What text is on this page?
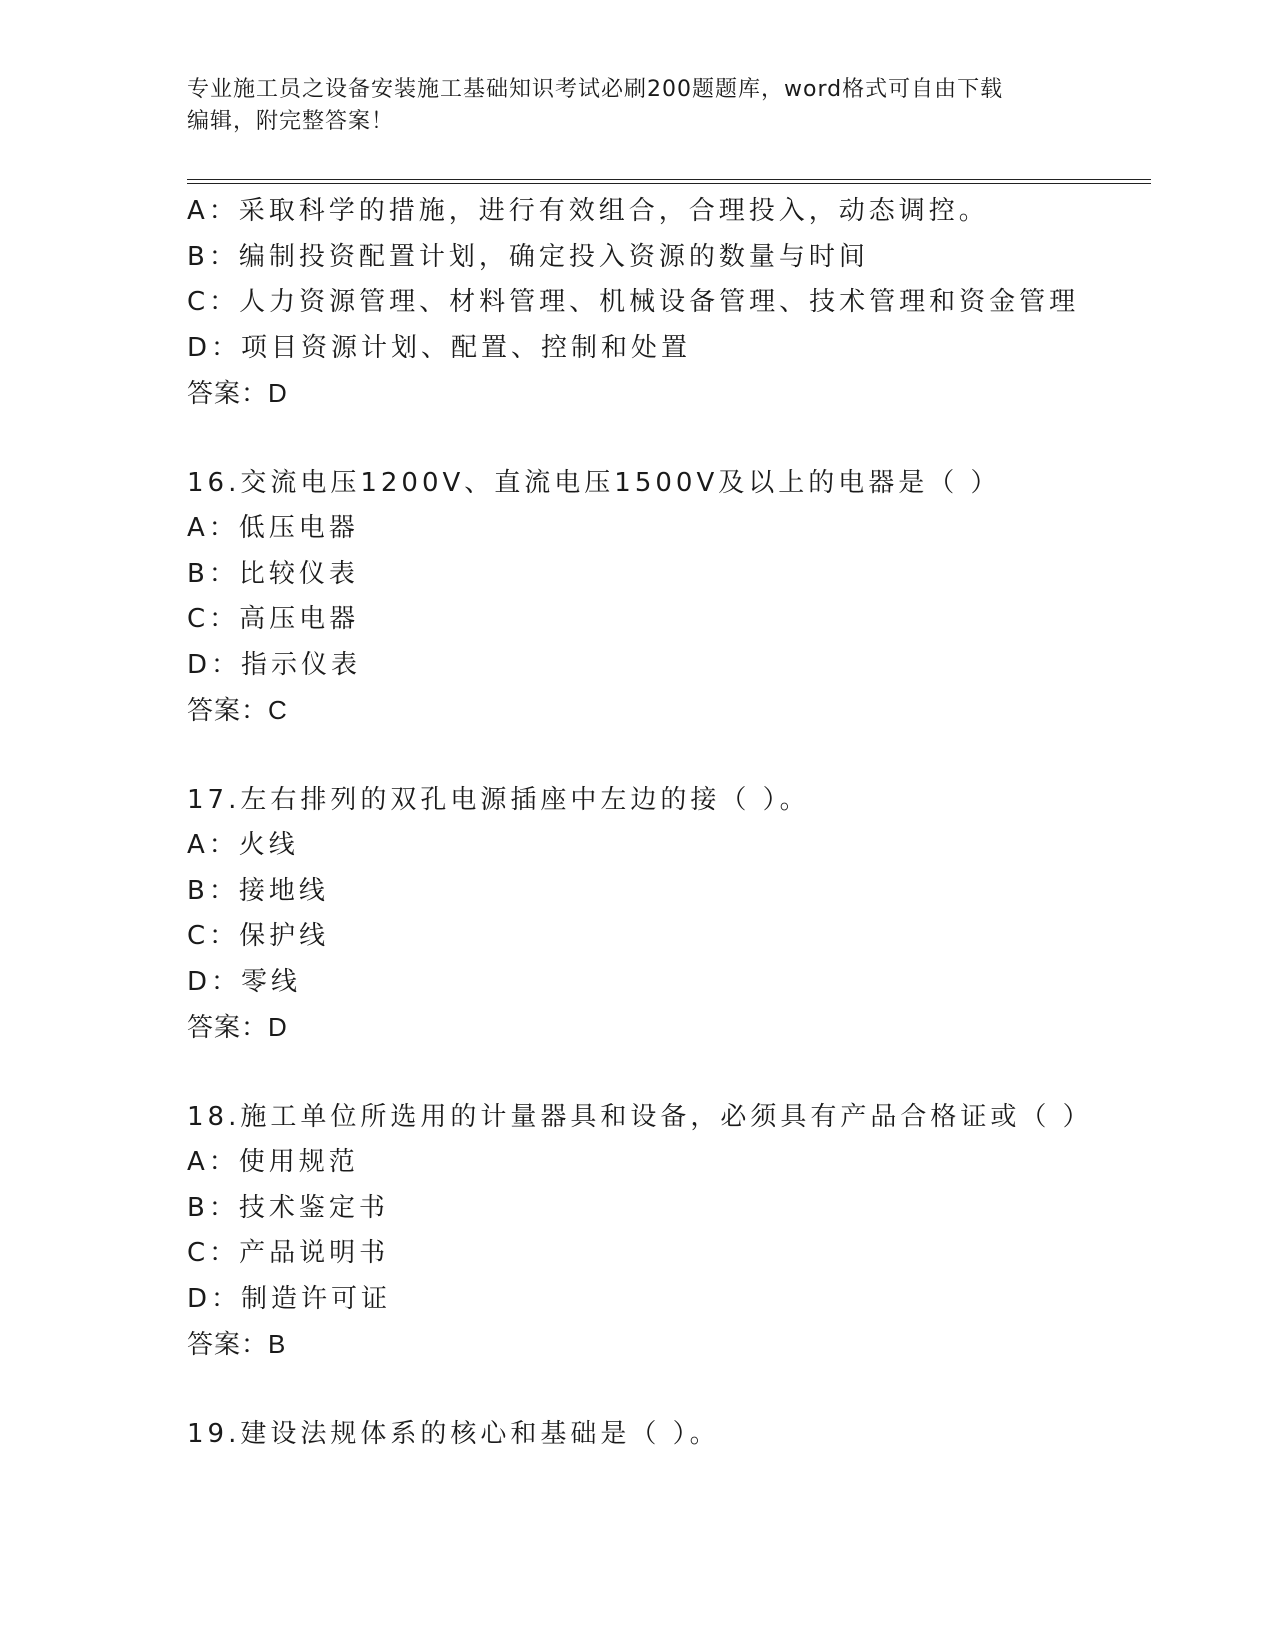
专业施工员之设备安装施工基础知识考试必刷200题题库，word格式可自由下载
编辑，附完整答案！
A：采取科学的措施，进行有效组合，合理投入，动态调控。
B：编制投资配置计划，确定投入资源的数量与时间
C：人力资源管理、材料管理、机械设备管理、技术管理和资金管理
D：项目资源计划、配置、控制和处置
答案：D
16.交流电压1200V、直流电压1500V及以上的电器是（ ）
A：低压电器
B：比较仪表
C：高压电器
D：指示仪表
答案：C
17.左右排列的双孔电源插座中左边的接（ ）。
A：火线
B：接地线
C：保护线
D：零线
答案：D
18.施工单位所选用的计量器具和设备，必须具有产品合格证或（ ）
A：使用规范
B：技术鉴定书
C：产品说明书
D：制造许可证
答案：B
19.建设法规体系的核心和基础是（ ）。
